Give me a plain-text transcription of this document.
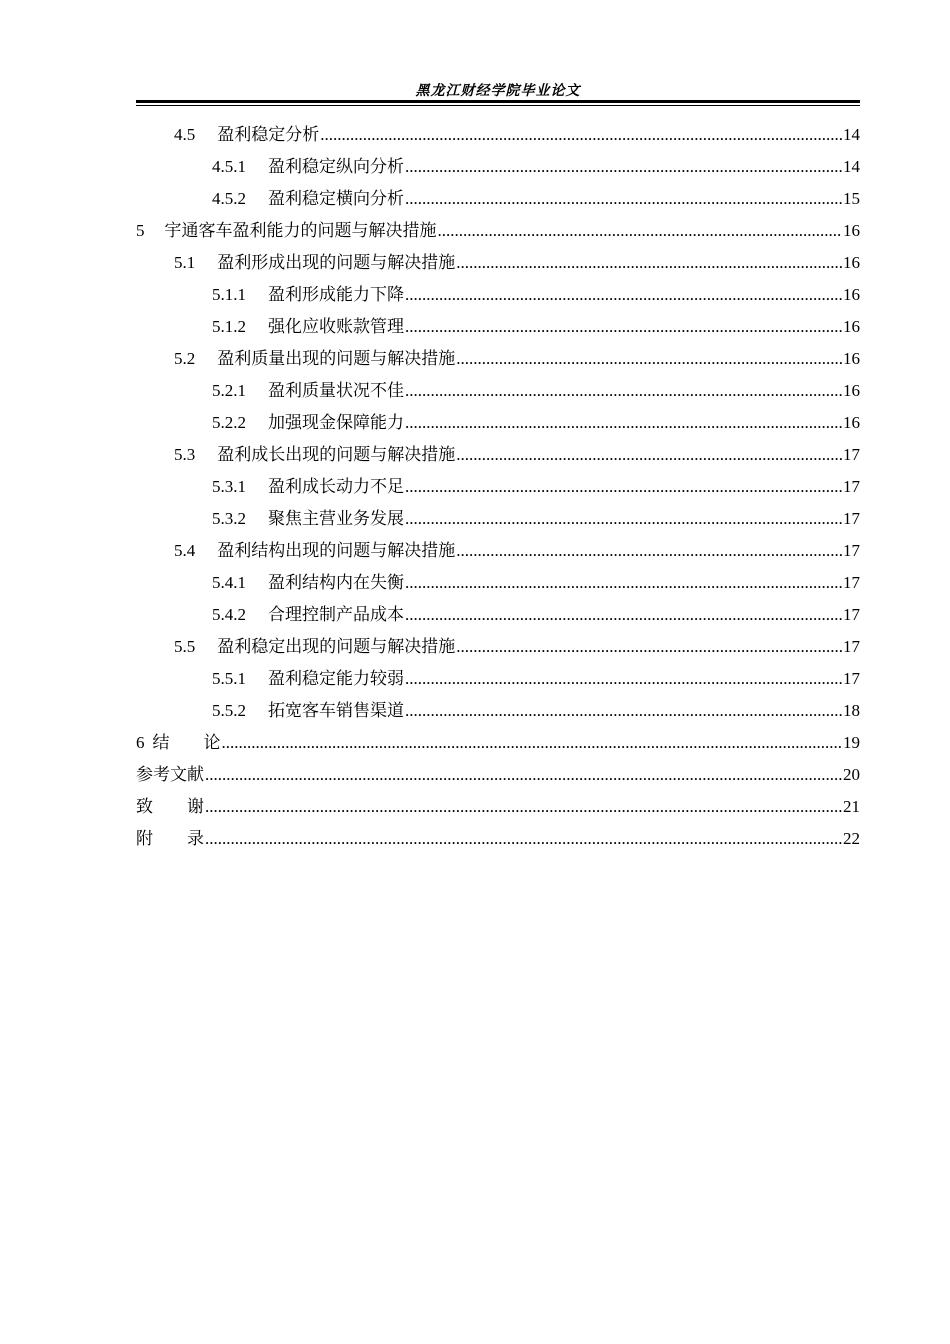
黑龙江财经学院毕业论文
4.5 盈利稳定分析 .....	14
4.5.1 盈利稳定纵向分析 .....	14
4.5.2 盈利稳定横向分析 .....	15
5 宇通客车盈利能力的问题与解决措施 .....	16
5.1 盈利形成出现的问题与解决措施 .....	16
5.1.1 盈利形成能力下降 .....	16
5.1.2 强化应收账款管理 .....	16
5.2 盈利质量出现的问题与解决措施 .....	16
5.2.1 盈利质量状况不佳 .....	16
5.2.2 加强现金保障能力 .....	16
5.3 盈利成长出现的问题与解决措施 .....	17
5.3.1 盈利成长动力不足 .....	17
5.3.2 聚焦主营业务发展 .....	17
5.4 盈利结构出现的问题与解决措施 .....	17
5.4.1 盈利结构内在失衡 .....	17
5.4.2 合理控制产品成本 .....	17
5.5 盈利稳定出现的问题与解决措施 .....	17
5.5.1 盈利稳定能力较弱 .....	17
5.5.2 拓宽客车销售渠道 .....	18
6 结　　论 .....	19
参考文献 .....	20
致　　谢 .....	21
附　　录 .....	22
